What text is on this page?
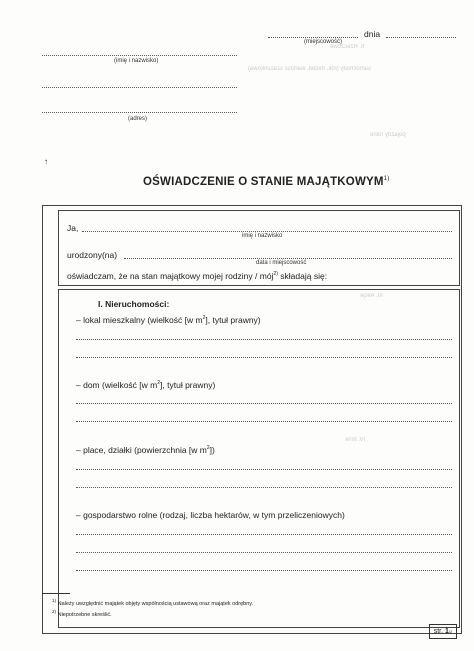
II. Rzeczowe
samochody (rok, model, wartość szacunkowa)
pojazdy rolne
III. Akcje
IV. Inne
dnia
(miejscowość)
(imię i nazwisko)
(adres)
↑
OŚWIADCZENIE O STANIE MAJĄTKOWYM$^{1)}$
Ja,
imię i nazwisko
urodzony(na)
data i miejscowość
oświadczam, że na stan majątkowy mojej rodziny / mój$^{2)}$ składają się:
I. Nieruchomości:
– lokal mieszkalny (wielkość [w $m^2$], tytuł prawny)
– dom (wielkość [w $m^2$], tytuł prawny)
– place, działki (powierzchnia [w $m^2$])
– gospodarstwo rolne (rodzaj, liczba hektarów, w tym przeliczeniowych)
$^{1)}$ Należy uwzględnić majątek objęty wspólnością ustawową oraz majątek odrębny.
$^{2)}$ Niepotrzebne skreślić.
str. 1/2
